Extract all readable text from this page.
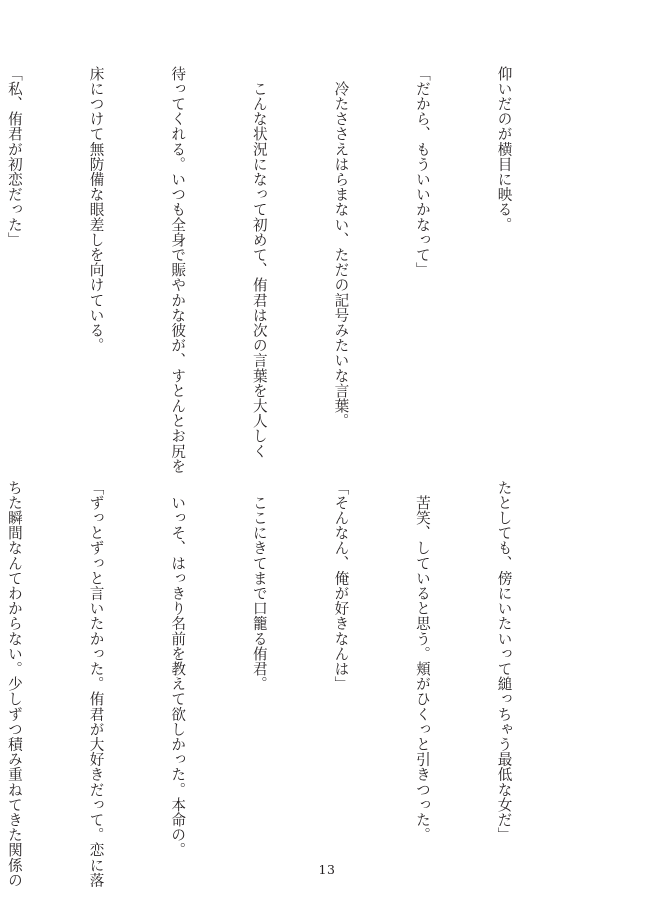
仰いだのが横目に映る。

「だから、もういいかなって」

　冷たささえはらまない、ただの記号みたいな言葉。

　こんな状況になって初めて、侑君は次の言葉を大人しく

待ってくれる。いつも全身で賑やかな彼が、すとんとお尻を

床につけて無防備な眼差しを向けている。

「私、侑君が初恋だった」

たとしても、傍にいたいって縋っちゃう最低な女だ」

　苦笑、していると思う。頬がひくっと引きつった。

「そんなん、俺が好きなんは」

　ここにきてまで口籠る侑君。

　いっそ、はっきり名前を教えて欲しかった。本命の。

「ずっとずっと言いたかった。侑君が大好きだって。恋に落

ちた瞬間なんてわからない。少しずつ積み重ねてきた関係の

	13
